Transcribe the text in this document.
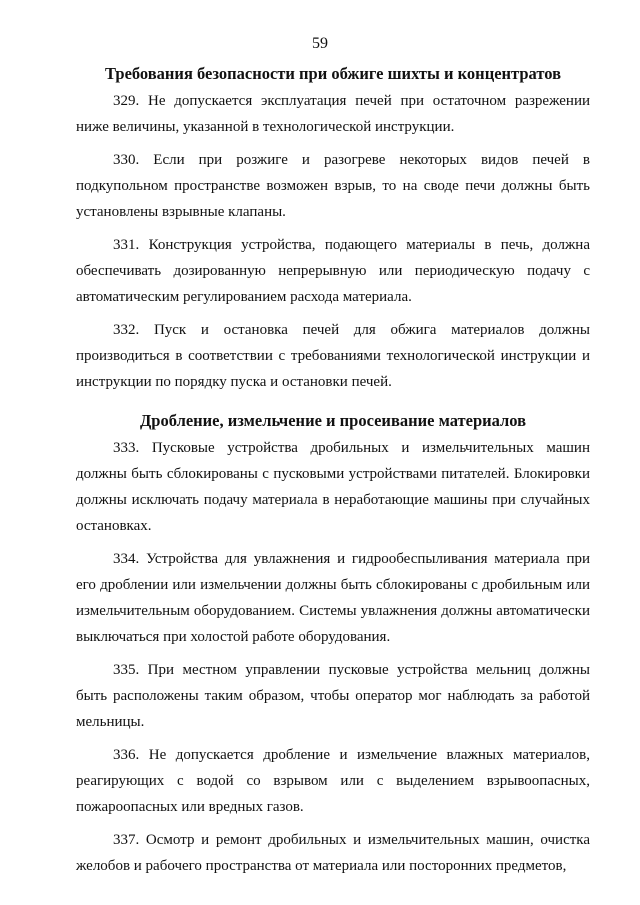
59
Требования безопасности при обжиге шихты и концентратов

329. Не допускается эксплуатация печей при остаточном разрежении ниже величины, указанной в технологической инструкции.

330. Если при розжиге и разогреве некоторых видов печей в подкупольном пространстве возможен взрыв, то на своде печи должны быть установлены взрывные клапаны.

331. Конструкция устройства, подающего материалы в печь, должна обеспечивать дозированную непрерывную или периодическую подачу с автоматическим регулированием расхода материала.

332. Пуск и остановка печей для обжига материалов должны производиться в соответствии с требованиями технологической инструкции и инструкции по порядку пуска и остановки печей.

Дробление, измельчение и просеивание материалов

333. Пусковые устройства дробильных и измельчительных машин должны быть сблокированы с пусковыми устройствами питателей. Блокировки должны исключать подачу материала в неработающие машины при случайных остановках.

334. Устройства для увлажнения и гидрообеспыливания материала при его дроблении или измельчении должны быть сблокированы с дробильным или измельчительным оборудованием. Системы увлажнения должны автоматически выключаться при холостой работе оборудования.

335. При местном управлении пусковые устройства мельниц должны быть расположены таким образом, чтобы оператор мог наблюдать за работой мельницы.

336. Не допускается дробление и измельчение влажных материалов, реагирующих с водой со взрывом или с выделением взрывоопасных, пожароопасных или вредных газов.

337. Осмотр и ремонт дробильных и измельчительных машин, очистка желобов и рабочего пространства от материала или посторонних предметов,
